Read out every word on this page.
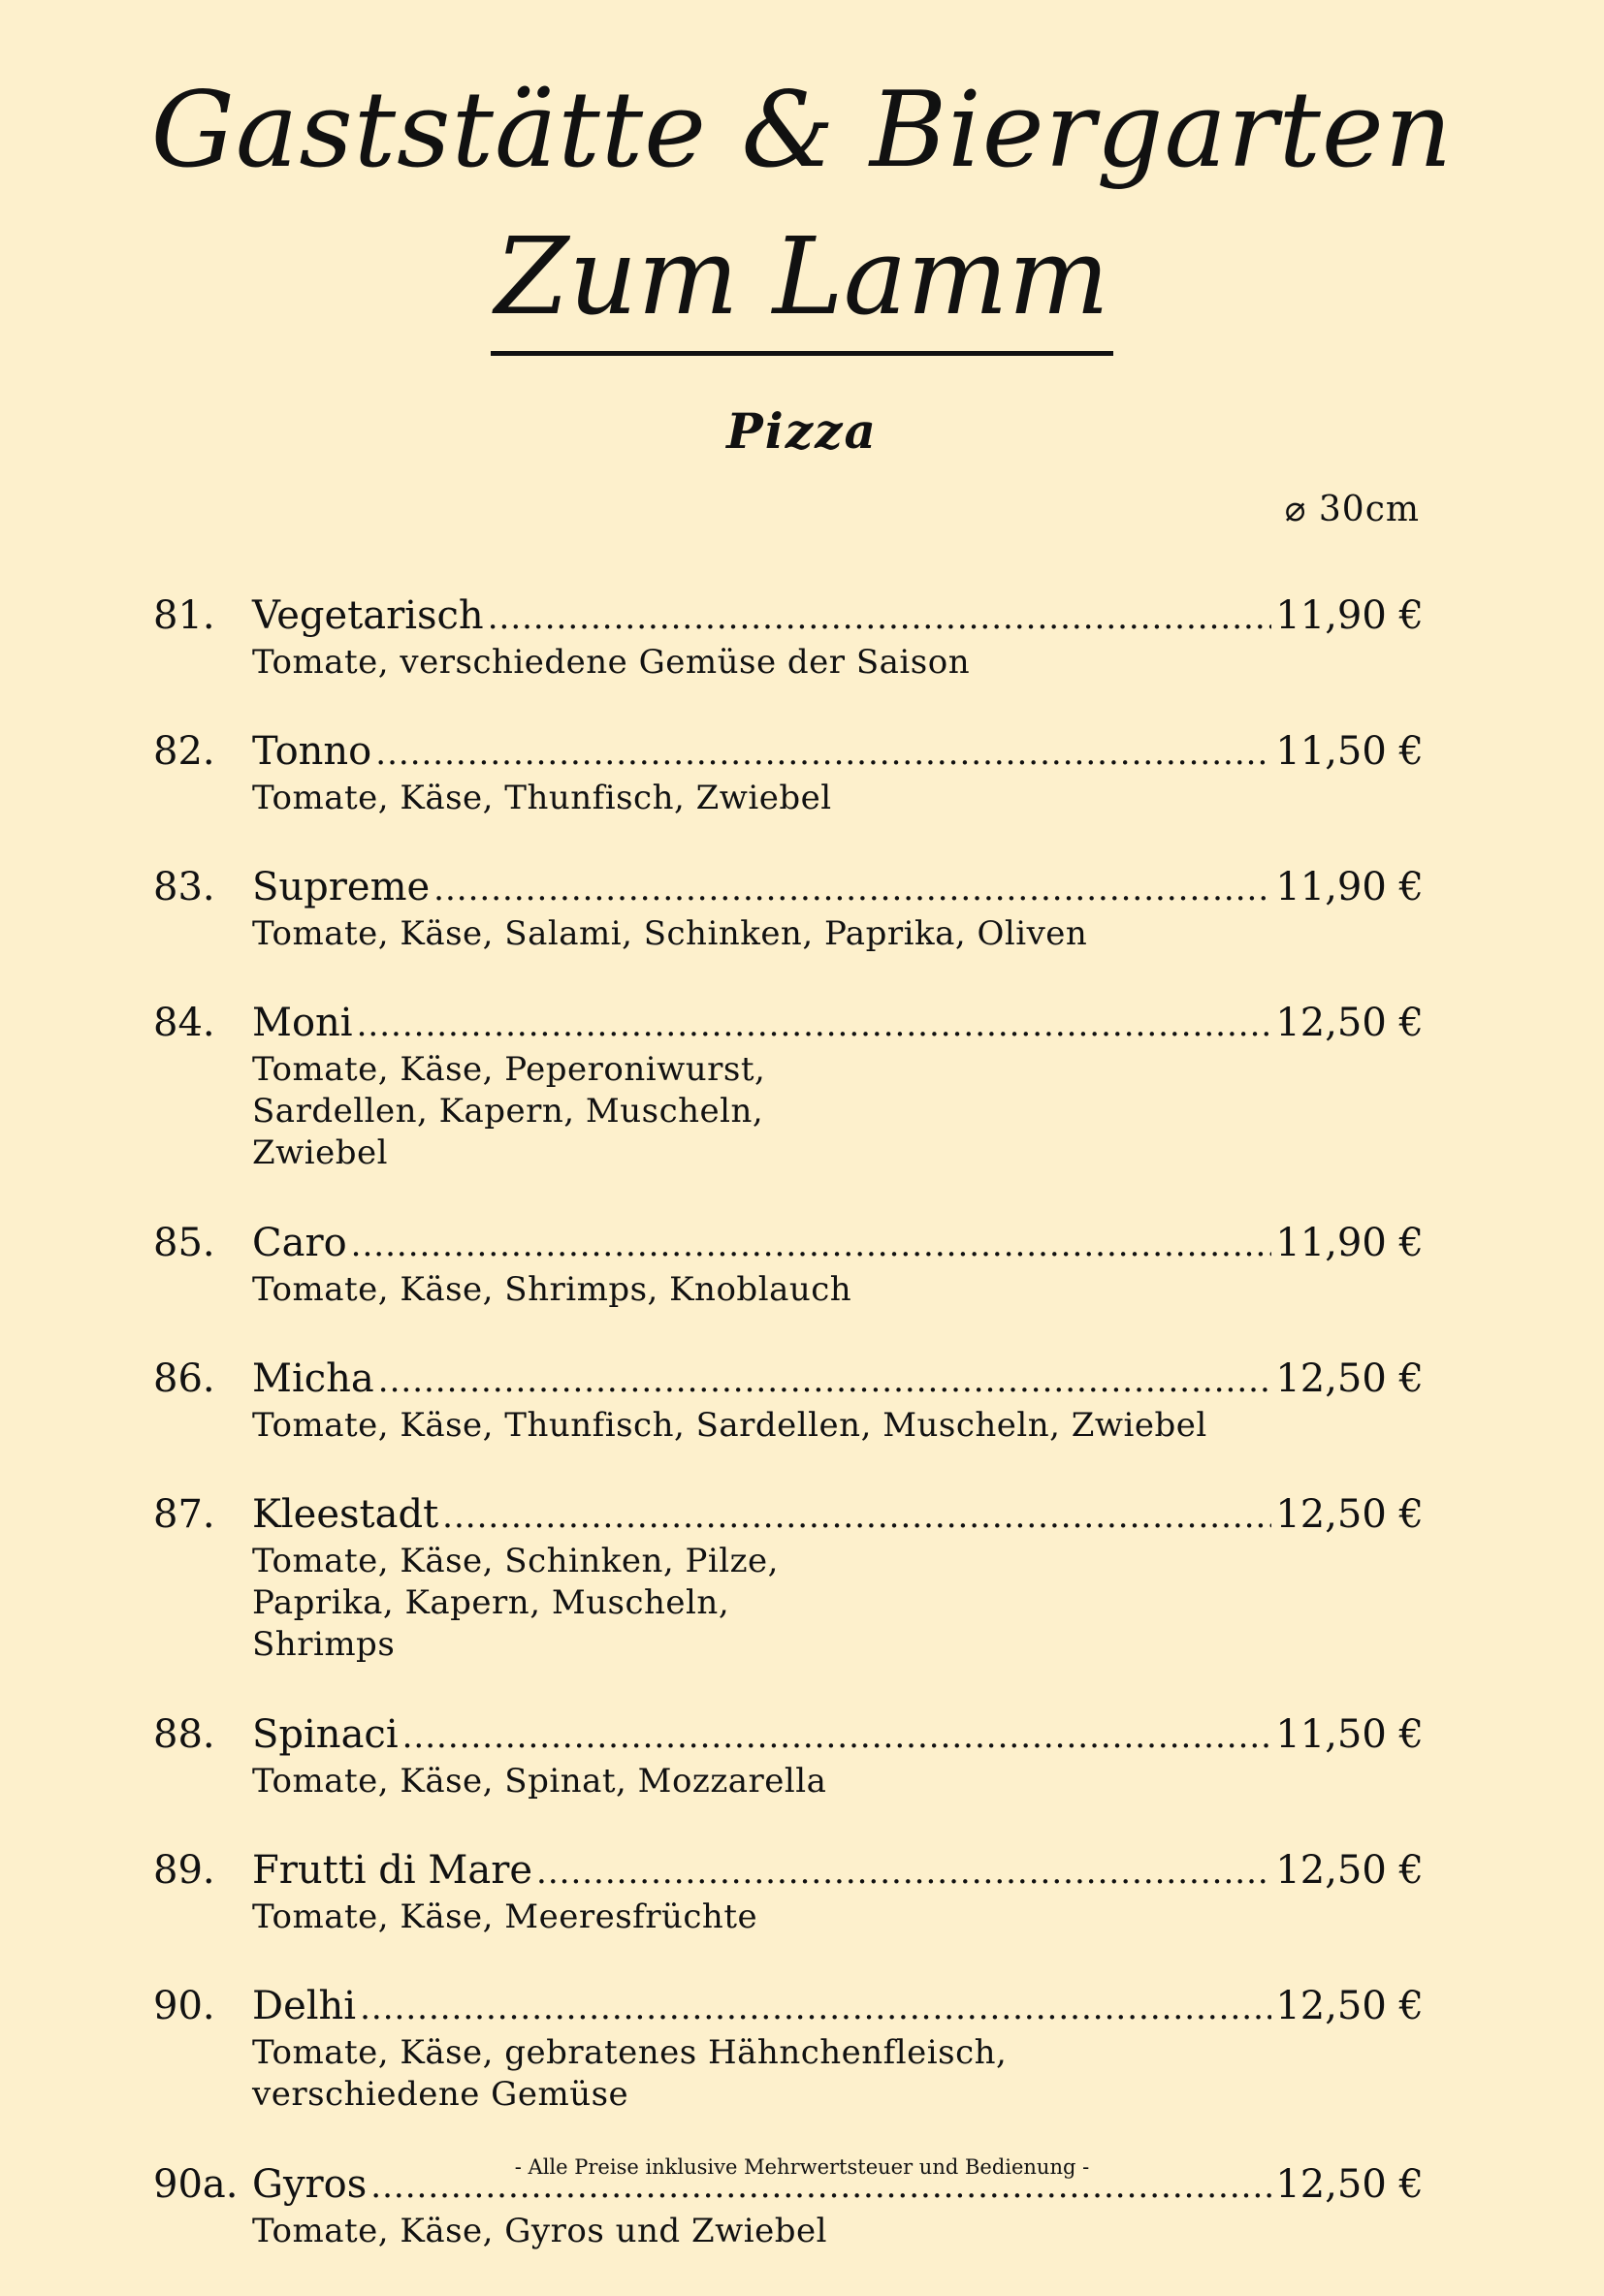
Gaststätte & Biergarten
Zum Lamm
Pizza
⌀ 30cm
81. Vegetarisch .....	11,90 €
Tomate, verschiedene Gemüse der Saison
82. Tonno .....	11,50 €
Tomate, Käse, Thunfisch, Zwiebel
83. Supreme .....	11,90 €
Tomate, Käse, Salami, Schinken, Paprika, Oliven
84. Moni .....	12,50 €
Tomate, Käse, Peperoniwurst, Sardellen, Kapern, Muscheln, Zwiebel
85. Caro .....	11,90 €
Tomate, Käse, Shrimps, Knoblauch
86. Micha .....	12,50 €
Tomate, Käse, Thunfisch, Sardellen, Muscheln, Zwiebel
87. Kleestadt .....	12,50 €
Tomate, Käse, Schinken, Pilze, Paprika, Kapern, Muscheln, Shrimps
88. Spinaci .....	11,50 €
Tomate, Käse, Spinat, Mozzarella
89. Frutti di Mare .....	12,50 €
Tomate, Käse, Meeresfrüchte
90. Delhi .....	12,50 €
Tomate, Käse, gebratenes Hähnchenfleisch, verschiedene Gemüse
90a. Gyros .....	12,50 €
Tomate, Käse, Gyros und Zwiebel
- Alle Preise inklusive Mehrwertsteuer und Bedienung -
